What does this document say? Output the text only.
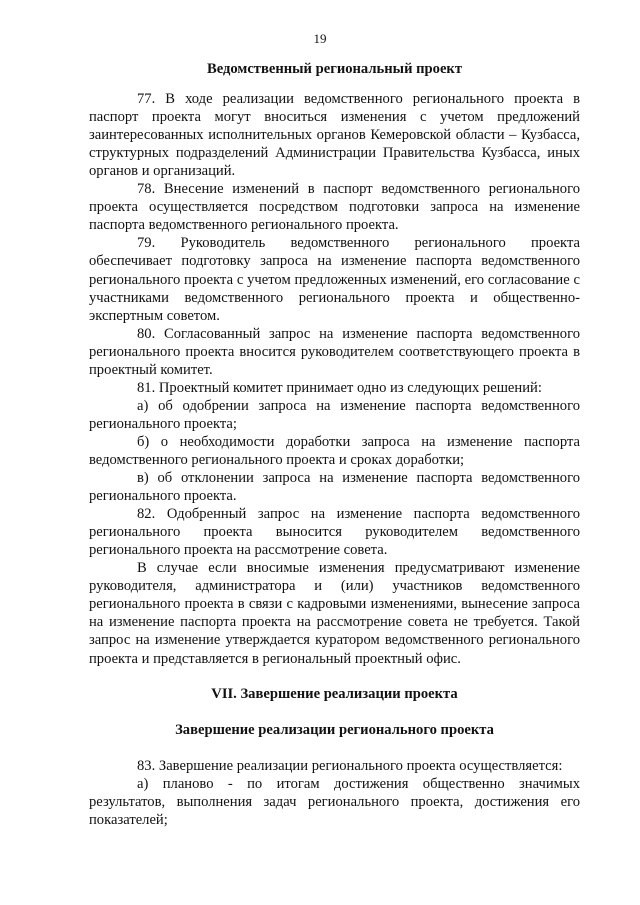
19

Ведомственный региональный проект

77. В ходе реализации ведомственного регионального проекта в паспорт проекта могут вноситься изменения с учетом предложений заинтересованных исполнительных органов Кемеровской области – Кузбасса, структурных подразделений Администрации Правительства Кузбасса, иных органов и организаций.

78. Внесение изменений в паспорт ведомственного регионального проекта осуществляется посредством подготовки запроса на изменение паспорта ведомственного регионального проекта.

79. Руководитель ведомственного регионального проекта обеспечивает подготовку запроса на изменение паспорта ведомственного регионального проекта с учетом предложенных изменений, его согласование с участниками ведомственного регионального проекта и общественно-экспертным советом.

80. Согласованный запрос на изменение паспорта ведомственного регионального проекта вносится руководителем соответствующего проекта в проектный комитет.

81. Проектный комитет принимает одно из следующих решений:

а) об одобрении запроса на изменение паспорта ведомственного регионального проекта;

б) о необходимости доработки запроса на изменение паспорта ведомственного регионального проекта и сроках доработки;

в) об отклонении запроса на изменение паспорта ведомственного регионального проекта.

82. Одобренный запрос на изменение паспорта ведомственного регионального проекта выносится руководителем ведомственного регионального проекта на рассмотрение совета.

В случае если вносимые изменения предусматривают изменение руководителя, администратора и (или) участников ведомственного регионального проекта в связи с кадровыми изменениями, вынесение запроса на изменение паспорта проекта на рассмотрение совета не требуется. Такой запрос на изменение утверждается куратором ведомственного регионального проекта и представляется в региональный проектный офис.

VII. Завершение реализации проекта

Завершение реализации регионального проекта

83. Завершение реализации регионального проекта осуществляется:

а) планово - по итогам достижения общественно значимых результатов, выполнения задач регионального проекта, достижения его показателей;
